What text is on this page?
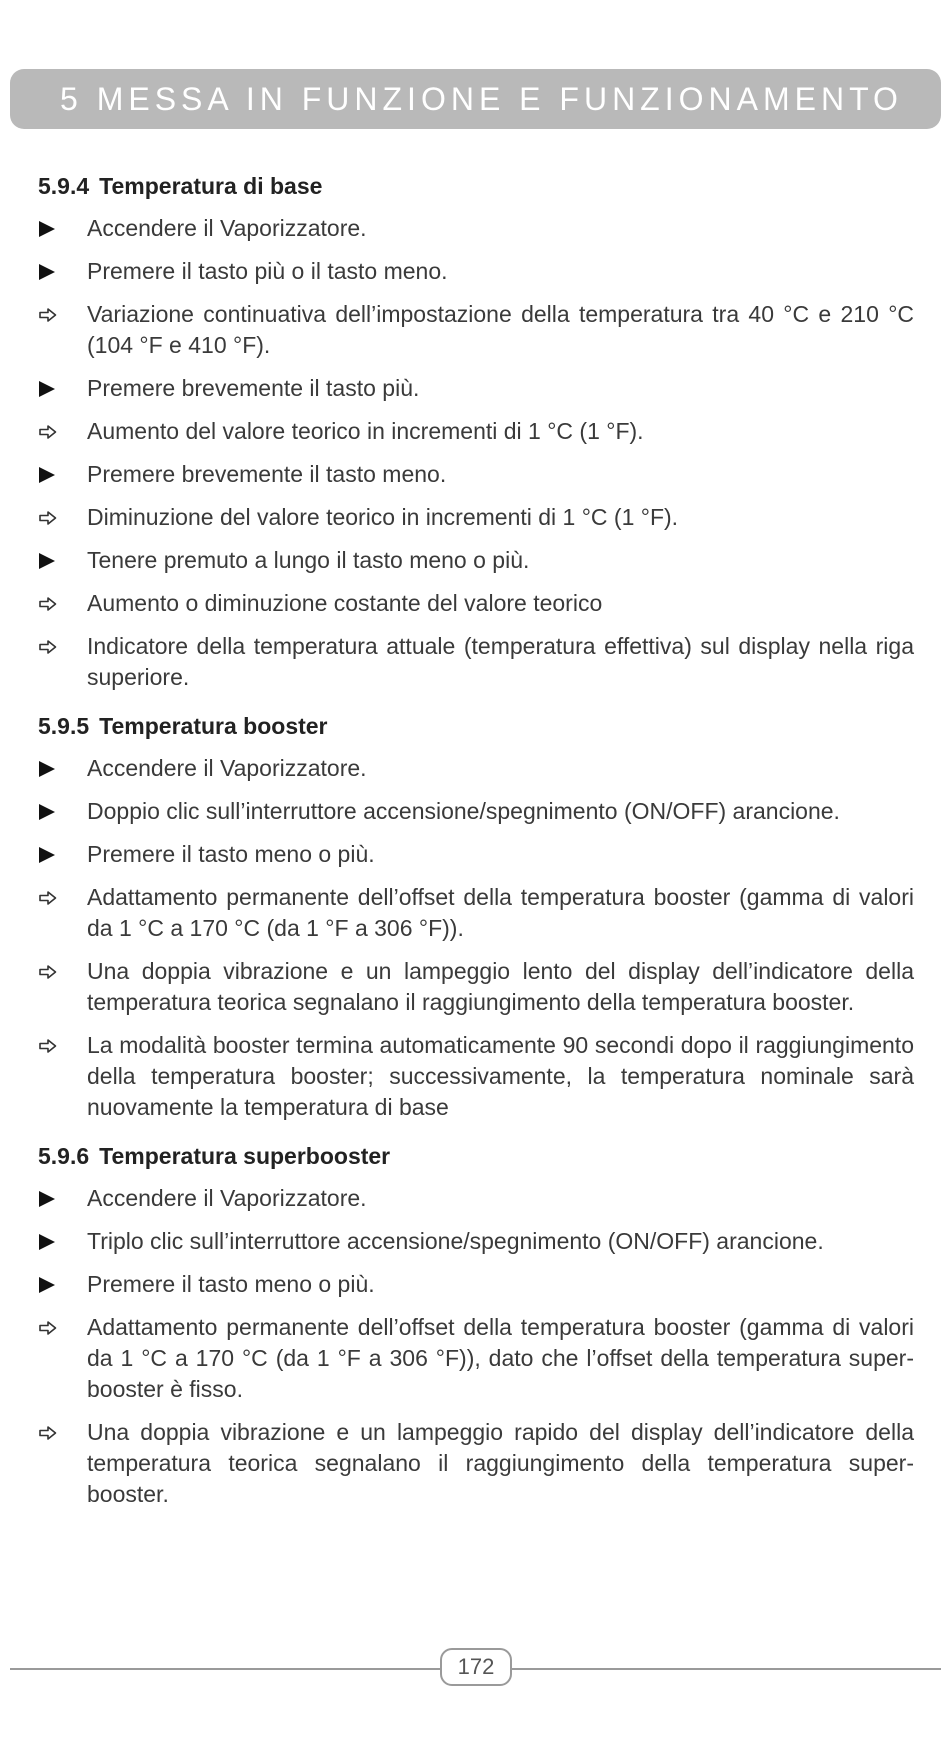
5 MESSA IN FUNZIONE E FUNZIONAMENTO
5.9.4 Temperatura di base
Accendere il Vaporizzatore.
Premere il tasto più o il tasto meno.
Variazione continuativa dell’impostazione della temperatura tra 40 °C e 210 °C (104 °F e 410 °F).
Premere brevemente il tasto più.
Aumento del valore teorico in incrementi di 1 °C (1 °F).
Premere brevemente il tasto meno.
Diminuzione del valore teorico in incrementi di 1 °C (1 °F).
Tenere premuto a lungo il tasto meno o più.
Aumento o diminuzione costante del valore teorico
Indicatore della temperatura attuale (temperatura effettiva) sul display nella riga superiore.
5.9.5 Temperatura booster
Accendere il Vaporizzatore.
Doppio clic sull’interruttore accensione/spegnimento (ON/OFF) arancione.
Premere il tasto meno o più.
Adattamento permanente dell’offset della temperatura booster (gamma di valori da 1 °C a 170 °C (da 1 °F a 306 °F)).
Una doppia vibrazione e un lampeggio lento del display dell’indicatore della temperatura teorica segnalano il raggiungimento della temperatura booster.
La modalità booster termina automaticamente 90 secondi dopo il raggiungimento della temperatura booster; successivamente, la temperatura nominale sarà nuovamente la temperatura di base
5.9.6 Temperatura superbooster
Accendere il Vaporizzatore.
Triplo clic sull’interruttore accensione/spegnimento (ON/OFF) arancione.
Premere il tasto meno o più.
Adattamento permanente dell’offset della temperatura booster (gamma di valori da 1 °C a 170 °C (da 1 °F a 306 °F)), dato che l’offset della temperatura super-booster è fisso.
Una doppia vibrazione e un lampeggio rapido del display dell’indicatore della temperatura teorica segnalano il raggiungimento della temperatura super-booster.
172
